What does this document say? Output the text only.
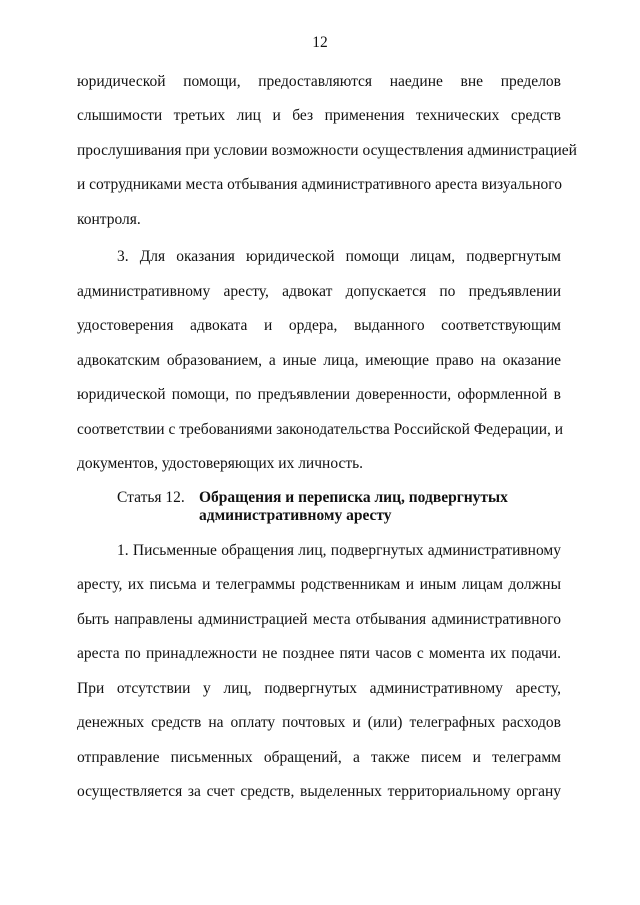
12
юридической помощи, предоставляются наедине вне пределов
слышимости третьих лиц и без применения технических средств
прослушивания при условии возможности осуществления администрацией
и сотрудниками места отбывания административного ареста визуального
контроля.
3. Для оказания юридической помощи лицам, подвергнутым
административному аресту, адвокат допускается по предъявлении
удостоверения адвоката и ордера, выданного соответствующим
адвокатским образованием, а иные лица, имеющие право на оказание
юридической помощи, по предъявлении доверенности, оформленной в
соответствии с требованиями законодательства Российской Федерации, и
документов, удостоверяющих их личность.
Статья 12. Обращения и переписка лиц, подвергнутых
административному аресту
1. Письменные обращения лиц, подвергнутых административному
аресту, их письма и телеграммы родственникам и иным лицам должны
быть направлены администрацией места отбывания административного
ареста по принадлежности не позднее пяти часов с момента их подачи.
При отсутствии у лиц, подвергнутых административному аресту,
денежных средств на оплату почтовых и (или) телеграфных расходов
отправление письменных обращений, а также писем и телеграмм
осуществляется за счет средств, выделенных территориальному органу
